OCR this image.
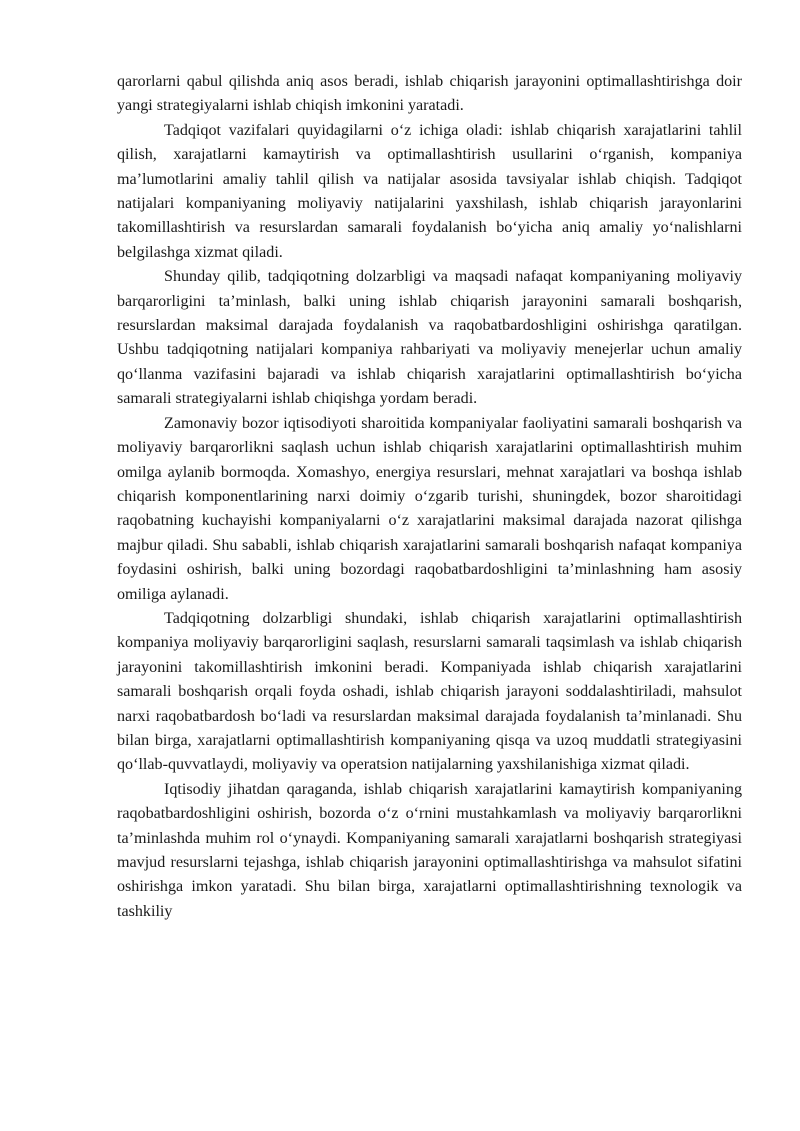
qarorlarni qabul qilishda aniq asos beradi, ishlab chiqarish jarayonini optimallashtirishga doir yangi strategiyalarni ishlab chiqish imkonini yaratadi.

Tadqiqot vazifalari quyidagilarni o‘z ichiga oladi: ishlab chiqarish xarajatlarini tahlil qilish, xarajatlarni kamaytirish va optimallashtirish usullarini o‘rganish, kompaniya ma’lumotlarini amaliy tahlil qilish va natijalar asosida tavsiyalar ishlab chiqish. Tadqiqot natijalari kompaniyaning moliyaviy natijalarini yaxshilash, ishlab chiqarish jarayonlarini takomillashtirish va resurslardan samarali foydalanish bo‘yicha aniq amaliy yo‘nalishlarni belgilashga xizmat qiladi.

Shunday qilib, tadqiqotning dolzarbligi va maqsadi nafaqat kompaniyaning moliyaviy barqarorligini ta’minlash, balki uning ishlab chiqarish jarayonini samarali boshqarish, resurslardan maksimal darajada foydalanish va raqobatbardoshligini oshirishga qaratilgan. Ushbu tadqiqotning natijalari kompaniya rahbariyati va moliyaviy menejerlar uchun amaliy qo‘llanma vazifasini bajaradi va ishlab chiqarish xarajatlarini optimallashtirish bo‘yicha samarali strategiyalarni ishlab chiqishga yordam beradi.

Zamonaviy bozor iqtisodiyoti sharoitida kompaniyalar faoliyatini samarali boshqarish va moliyaviy barqarorlikni saqlash uchun ishlab chiqarish xarajatlarini optimallashtirish muhim omilga aylanib bormoqda. Xomashyo, energiya resurslari, mehnat xarajatlari va boshqa ishlab chiqarish komponentlarining narxi doimiy o‘zgarib turishi, shuningdek, bozor sharoitidagi raqobatning kuchayishi kompaniyalarni o‘z xarajatlarini maksimal darajada nazorat qilishga majbur qiladi. Shu sababli, ishlab chiqarish xarajatlarini samarali boshqarish nafaqat kompaniya foydasini oshirish, balki uning bozordagi raqobatbardoshligini ta’minlashning ham asosiy omiliga aylanadi.

Tadqiqotning dolzarbligi shundaki, ishlab chiqarish xarajatlarini optimallashtirish kompaniya moliyaviy barqarorligini saqlash, resurslarni samarali taqsimlash va ishlab chiqarish jarayonini takomillashtirish imkonini beradi. Kompaniyada ishlab chiqarish xarajatlarini samarali boshqarish orqali foyda oshadi, ishlab chiqarish jarayoni soddalashtiriladi, mahsulot narxi raqobatbardosh bo‘ladi va resurslardan maksimal darajada foydalanish ta’minlanadi. Shu bilan birga, xarajatlarni optimallashtirish kompaniyaning qisqa va uzoq muddatli strategiyasini qo‘llab-quvvatlaydi, moliyaviy va operatsion natijalarning yaxshilanishiga xizmat qiladi.

Iqtisodiy jihatdan qaraganda, ishlab chiqarish xarajatlarini kamaytirish kompaniyaning raqobatbardoshligini oshirish, bozorda o‘z o‘rnini mustahkamlash va moliyaviy barqarorlikni ta’minlashda muhim rol o‘ynaydi. Kompaniyaning samarali xarajatlarni boshqarish strategiyasi mavjud resurslarni tejashga, ishlab chiqarish jarayonini optimallashtirishga va mahsulot sifatini oshirishga imkon yaratadi. Shu bilan birga, xarajatlarni optimallashtirishning texnologik va tashkiliy
